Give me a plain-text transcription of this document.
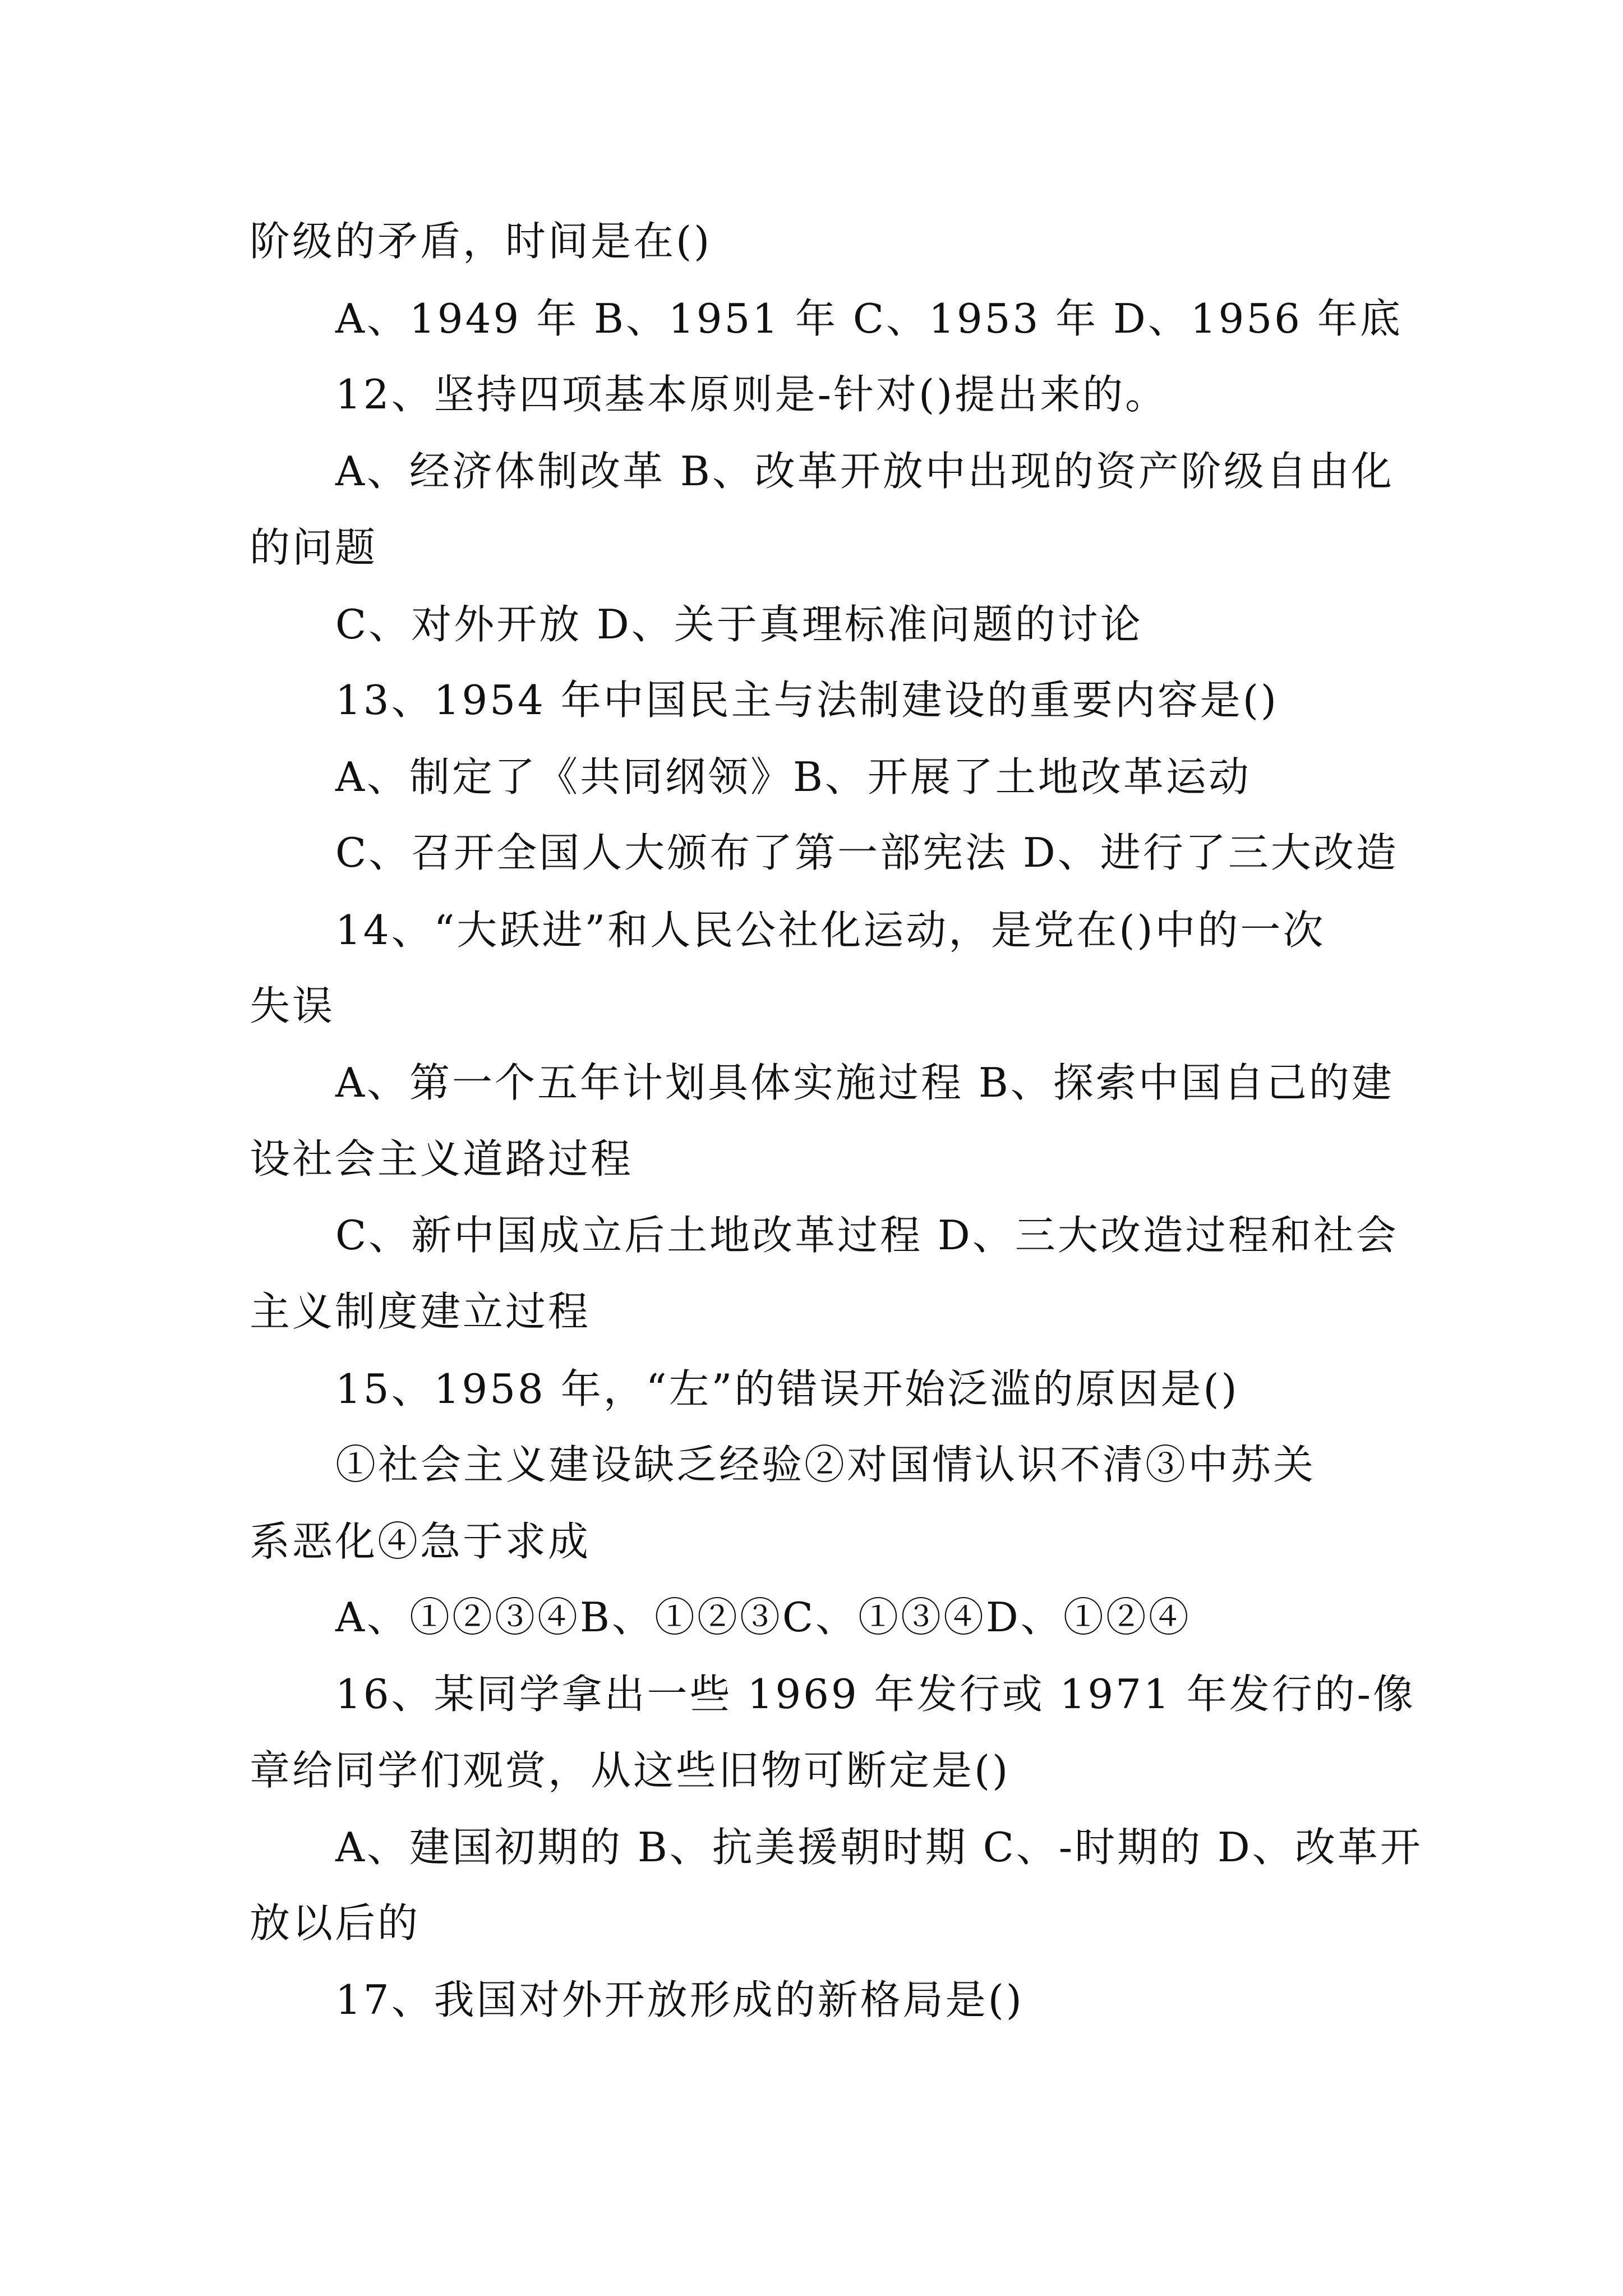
阶级的矛盾，时间是在()

A、1949 年 B、1951 年 C、1953 年 D、1956 年底

12、坚持四项基本原则是-针对()提出来的。

A、经济体制改革 B、改革开放中出现的资产阶级自由化

的问题

C、对外开放 D、关于真理标准问题的讨论

13、1954 年中国民主与法制建设的重要内容是()

A、制定了《共同纲领》B、开展了土地改革运动

C、召开全国人大颁布了第一部宪法 D、进行了三大改造

14、“大跃进”和人民公社化运动，是党在()中的一次

失误

A、第一个五年计划具体实施过程 B、探索中国自己的建

设社会主义道路过程

C、新中国成立后土地改革过程 D、三大改造过程和社会

主义制度建立过程

15、1958 年，“左”的错误开始泛滥的原因是()

①社会主义建设缺乏经验②对国情认识不清③中苏关

系恶化④急于求成

A、①②③④B、①②③C、①③④D、①②④

16、某同学拿出一些 1969 年发行或 1971 年发行的-像

章给同学们观赏，从这些旧物可断定是()

A、建国初期的 B、抗美援朝时期 C、-时期的 D、改革开

放以后的

17、我国对外开放形成的新格局是()
